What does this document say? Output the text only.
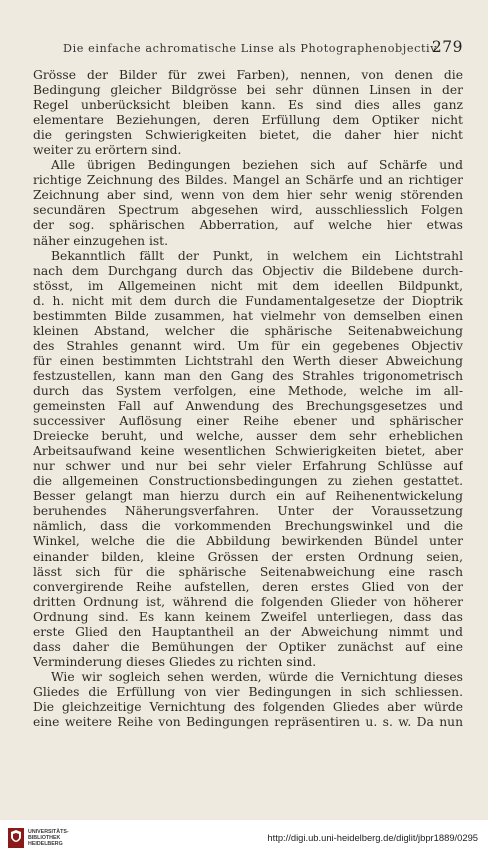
Die einfache achromatische Linse als Photographenobjectiv.
279
Grösse der Bilder für zwei Farben), nennen, von denen die
Bedingung gleicher Bildgrösse bei sehr dünnen Linsen in der
Regel unberücksicht bleiben kann. Es sind dies alles ganz
elementare Beziehungen, deren Erfüllung dem Optiker nicht
die geringsten Schwierigkeiten bietet, die daher hier nicht
weiter zu erörtern sind.
Alle übrigen Bedingungen beziehen sich auf Schärfe und
richtige Zeichnung des Bildes. Mangel an Schärfe und an richtiger
Zeichnung aber sind, wenn von dem hier sehr wenig störenden
secundären Spectrum abgesehen wird, ausschliesslich Folgen
der sog. sphärischen Abberration, auf welche hier etwas
näher einzugehen ist.
Bekanntlich fällt der Punkt, in welchem ein Lichtstrahl
nach dem Durchgang durch das Objectiv die Bildebene durch-
stösst, im Allgemeinen nicht mit dem ideellen Bildpunkt,
d. h. nicht mit dem durch die Fundamentalgesetze der Dioptrik
bestimmten Bilde zusammen, hat vielmehr von demselben einen
kleinen Abstand, welcher die sphärische Seitenabweichung
des Strahles genannt wird. Um für ein gegebenes Objectiv
für einen bestimmten Lichtstrahl den Werth dieser Abweichung
festzustellen, kann man den Gang des Strahles trigonometrisch
durch das System verfolgen, eine Methode, welche im all-
gemeinsten Fall auf Anwendung des Brechungsgesetzes und
successiver Auflösung einer Reihe ebener und sphärischer
Dreiecke beruht, und welche, ausser dem sehr erheblichen
Arbeitsaufwand keine wesentlichen Schwierigkeiten bietet, aber
nur schwer und nur bei sehr vieler Erfahrung Schlüsse auf
die allgemeinen Constructionsbedingungen zu ziehen gestattet.
Besser gelangt man hierzu durch ein auf Reihenentwickelung
beruhendes Näherungsverfahren. Unter der Voraussetzung
nämlich, dass die vorkommenden Brechungswinkel und die
Winkel, welche die die Abbildung bewirkenden Bündel unter
einander bilden, kleine Grössen der ersten Ordnung seien,
lässt sich für die sphärische Seitenabweichung eine rasch
convergirende Reihe aufstellen, deren erstes Glied von der
dritten Ordnung ist, während die folgenden Glieder von höherer
Ordnung sind. Es kann keinem Zweifel unterliegen, dass das
erste Glied den Hauptantheil an der Abweichung nimmt und
dass daher die Bemühungen der Optiker zunächst auf eine
Verminderung dieses Gliedes zu richten sind.
Wie wir sogleich sehen werden, würde die Vernichtung dieses
Gliedes die Erfüllung von vier Bedingungen in sich schliessen.
Die gleichzeitige Vernichtung des folgenden Gliedes aber würde
eine weitere Reihe von Bedingungen repräsentiren u. s. w. Da nun
UNIVERSITÄTS-
BIBLIOTHEK
HEIDELBERG
http://digi.ub.uni-heidelberg.de/diglit/jbpr1889/0295
